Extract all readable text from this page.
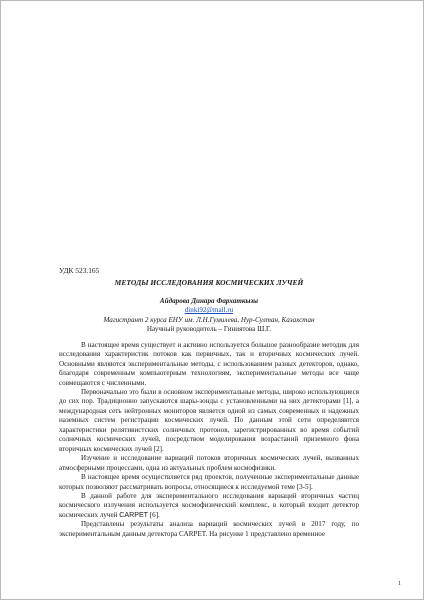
УДК 523.165
МЕТОДЫ ИССЛЕДОВАНИЯ КОСМИЧЕСКИХ ЛУЧЕЙ
Айдарова Динара Фархаткызы
dinki92@mail.ru
Магистрант 2 курса ЕНУ им. Л.Н.Гумилева, Нур-Султан, Казахстан
Научный руководитель – Гиниятова Ш.Г.

В настоящее время существует и активно используется большое разнообразие методик для исследования характеристик потоков как первичных, так и вторичных космических лучей. Основными являются экспериментальные методы, с использованием разных детекторов, однако, благодаря современным компьютерным технологиям, экспериментальные методы все чаще совмещаются с численными.

Первоначально это были в основном экспериментальные методы, широко использующиеся до сих пор. Традиционно запускаются шары-зонды с установленными на них детекторами [1], а международная сеть нейтронных мониторов является одной из самых современных и надежных наземных систем регистрации космических лучей. По данным этой сети определяются характеристики релятивистских солнечных протонов, зарегистрированных во время событий солнечных космических лучей, посредством моделирования возрастаний приземного фона вторичных космических лучей [2].

Изучение и исследование вариаций потоков вторичных космических лучей, вызванных атмосферными процессами, одна из актуальных проблем космофизики.

В настоящее время осуществляется ряд проектов, полученные экспериментальные данные которых позволяют рассматривать вопросы, относящиеся к исследуемой теме [3-5].

В данной работе для экспериментального исследования вариаций вторичных частиц космического излучения используется космофизический комплекс, в который входит детектор космических лучей CARPET [6].

Представлены результаты анализа вариаций космических лучей в 2017 году, по экспериментальным данным детектора CARPET. На рисунке 1 представлено временное

1
